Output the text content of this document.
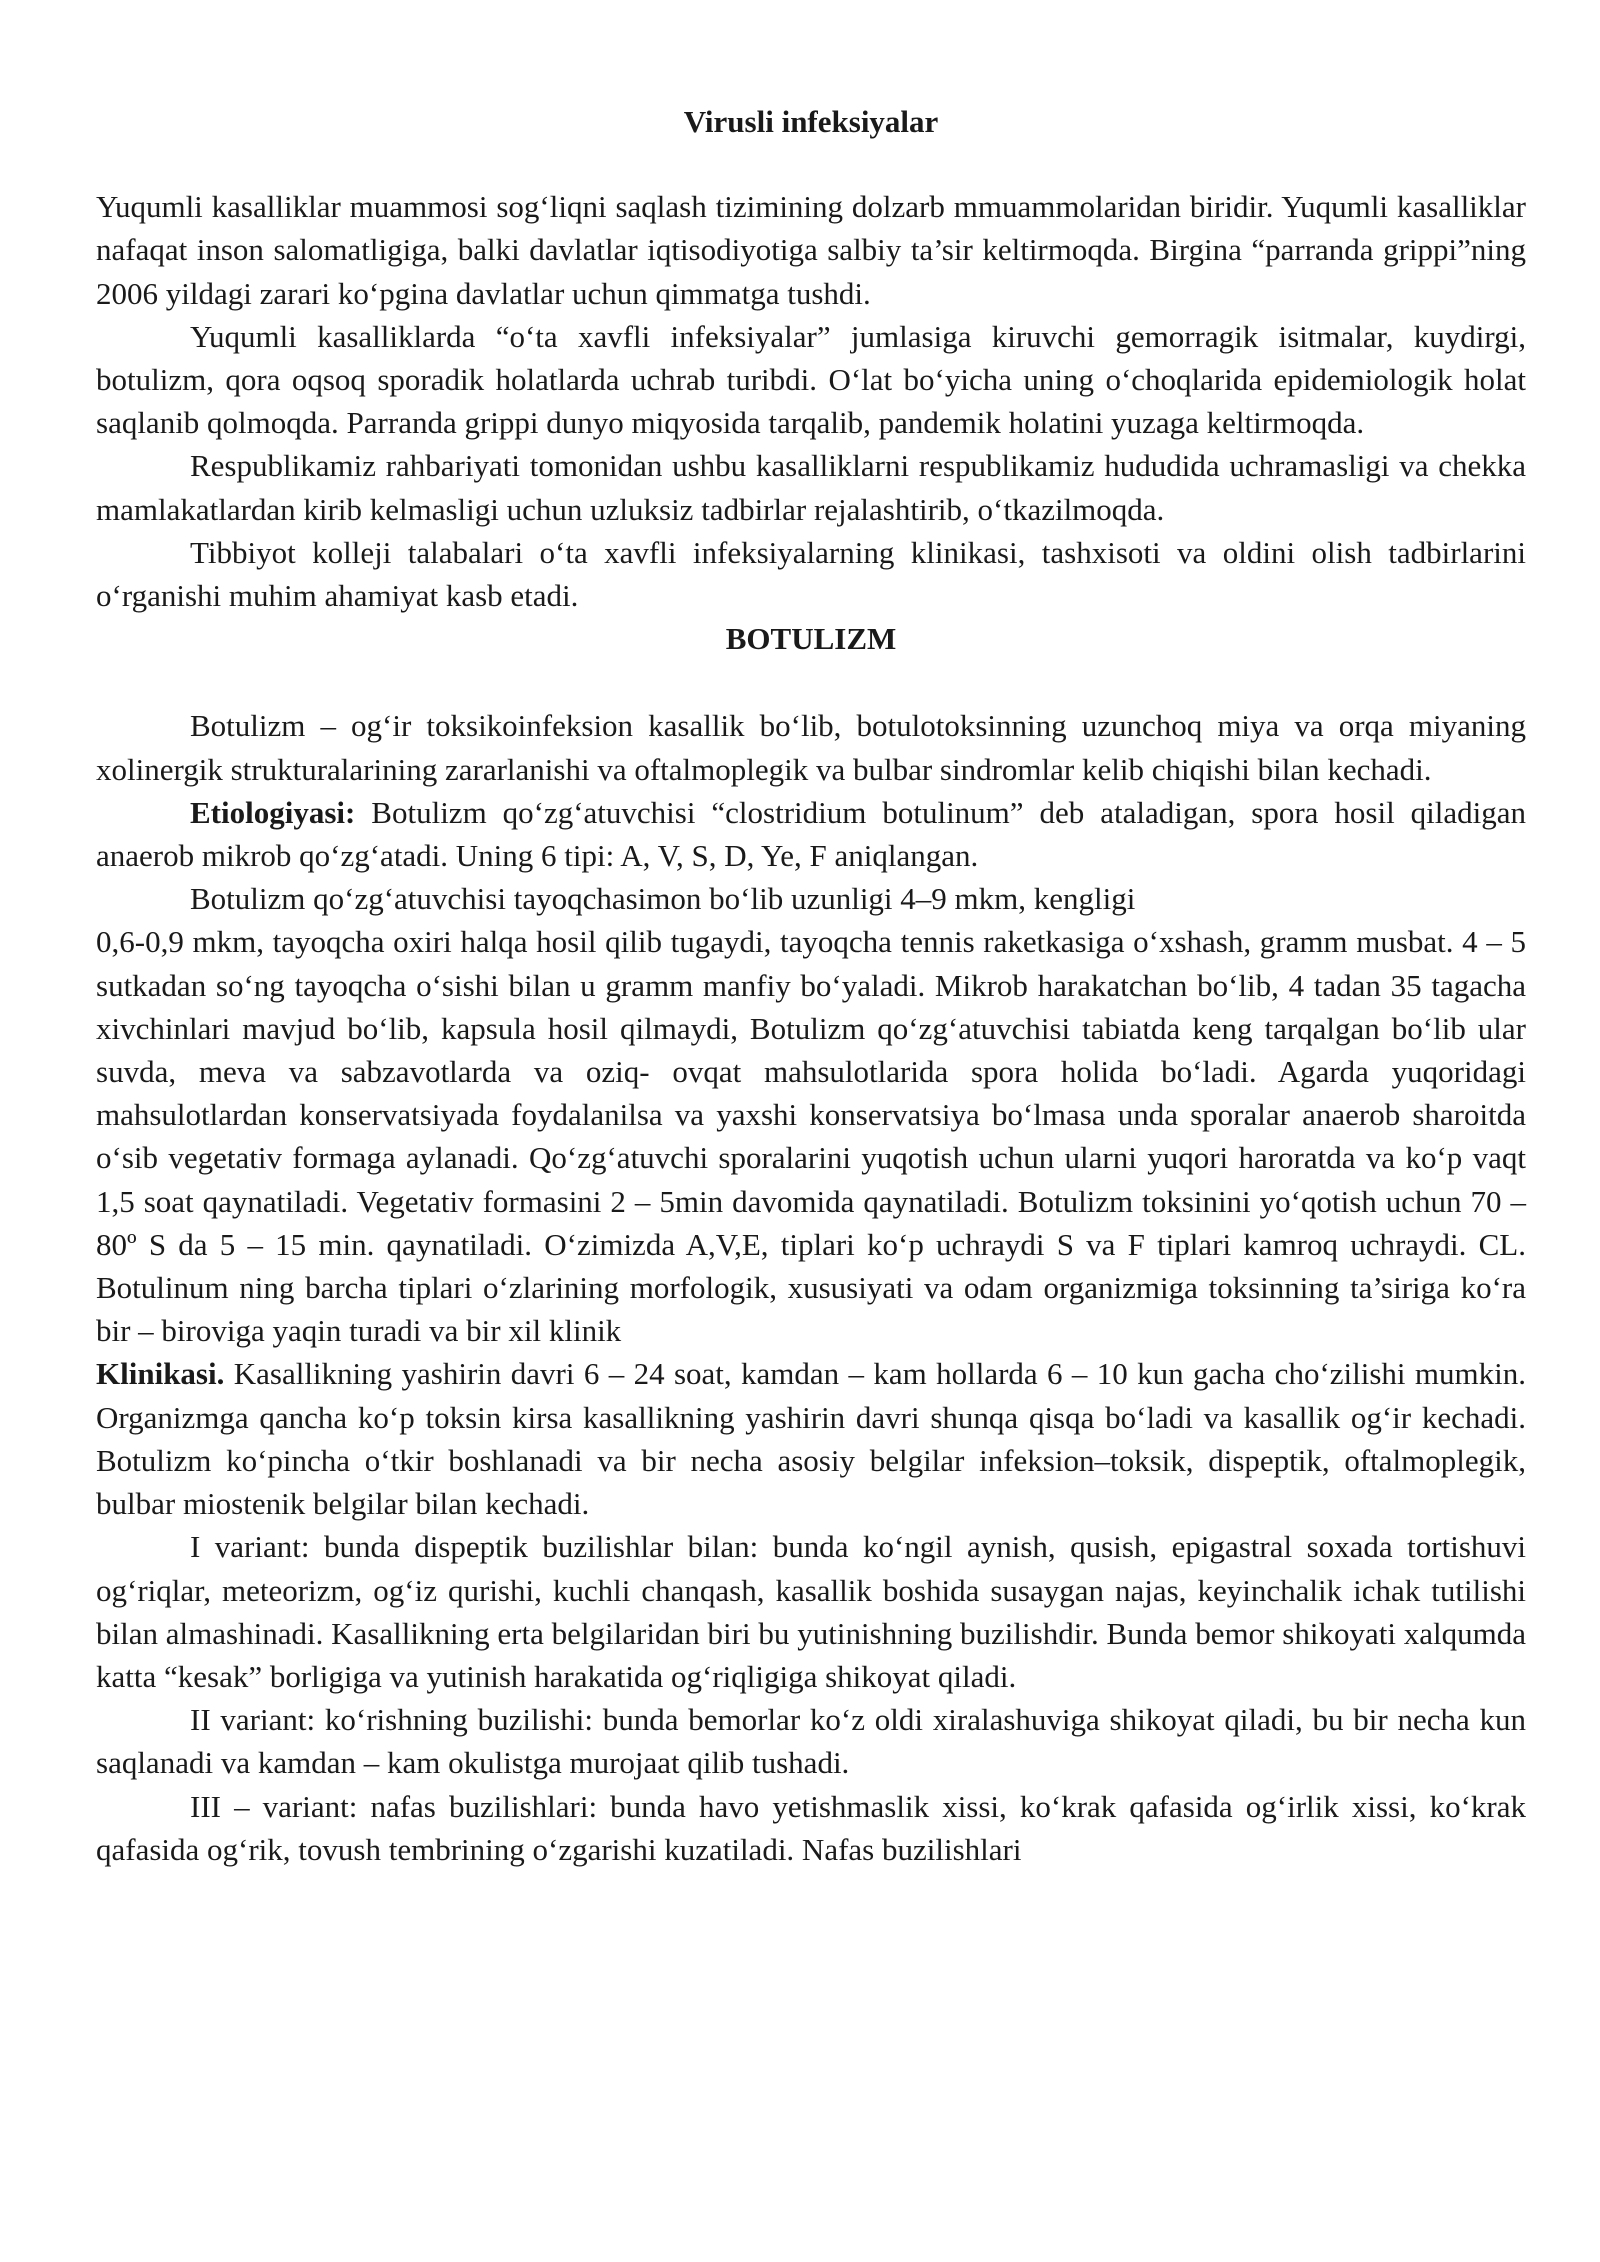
Virusli infeksiyalar

Yuqumli kasalliklar muammosi sog‘liqni saqlash tizimining dolzarb mmuammolaridan biridir. Yuqumli kasalliklar nafaqat inson salomatligiga, balki davlatlar iqtisodiyotiga salbiy ta’sir keltirmoqda. Birgina “parranda grippi”ning 2006 yildagi zarari ko‘pgina davlatlar uchun qimmatga tushdi.

Yuqumli kasalliklarda “o‘ta xavfli infeksiyalar” jumlasiga kiruvchi gemorragik isitmalar, kuydirgi, botulizm, qora oqsoq sporadik holatlarda uchrab turibdi. O‘lat bo‘yicha uning o‘choqlarida epidemiologik holat saqlanib qolmoqda. Parranda grippi dunyo miqyosida tarqalib, pandemik holatini yuzaga keltirmoqda.

Respublikamiz rahbariyati tomonidan ushbu kasalliklarni respublikamiz hududida uchramasligi va chekka mamlakatlardan kirib kelmasligi uchun uzluksiz tadbirlar rejalashtirib, o‘tkazilmoqda.

Tibbiyot kolleji talabalari o‘ta xavfli infeksiyalarning klinikasi, tashxisoti va oldini olish tadbirlarini o‘rganishi muhim ahamiyat kasb etadi.

BOTULIZM

Botulizm – og‘ir toksikoinfeksion kasallik bo‘lib, botulotoksinning uzunchoq miya va orqa miyaning xolinergik strukturalarining zararlanishi va oftalmoplegik va bulbar sindromlar kelib chiqishi bilan kechadi.

Etiologiyasi: Botulizm qo‘zg‘atuvchisi “clostridium botulinum” deb ataladigan, spora hosil qiladigan anaerob mikrob qo‘zg‘atadi. Uning 6 tipi: A, V, S, D, Ye, F aniqlangan.

Botulizm qo‘zg‘atuvchisi tayoqchasimon bo‘lib uzunligi 4–9 mkm, kengligi

0,6-0,9 mkm, tayoqcha oxiri halqa hosil qilib tugaydi, tayoqcha tennis raketkasiga o‘xshash, gramm musbat. 4 – 5 sutkadan so‘ng tayoqcha o‘sishi bilan u gramm manfiy bo‘yaladi. Mikrob harakatchan bo‘lib, 4 tadan 35 tagacha xivchinlari mavjud bo‘lib, kapsula hosil qilmaydi, Botulizm qo‘zg‘atuvchisi tabiatda keng tarqalgan bo‘lib ular suvda, meva va sabzavotlarda va oziq- ovqat mahsulotlarida spora holida bo‘ladi. Agarda yuqoridagi mahsulotlardan konservatsiyada foydalanilsa va yaxshi konservatsiya bo‘lmasa unda sporalar anaerob sharoitda o‘sib vegetativ formaga aylanadi. Qo‘zg‘atuvchi sporalarini yuqotish uchun ularni yuqori haroratda va ko‘p vaqt 1,5 soat qaynatiladi. Vegetativ formasini 2 – 5min davomida qaynatiladi. Botulizm toksinini yo‘qotish uchun 70 – 80º S da 5 – 15 min. qaynatiladi. O‘zimizda A,V,E, tiplari ko‘p uchraydi S va F tiplari kamroq uchraydi. CL. Botulinum ning barcha tiplari o‘zlarining morfologik, xususiyati va odam organizmiga toksinning ta’siriga ko‘ra bir – biroviga yaqin turadi va bir xil klinik

Klinikasi. Kasallikning yashirin davri 6 – 24 soat, kamdan – kam hollarda 6 – 10 kun gacha cho‘zilishi mumkin. Organizmga qancha ko‘p toksin kirsa kasallikning yashirin davri shunqa qisqa bo‘ladi va kasallik og‘ir kechadi. Botulizm ko‘pincha o‘tkir boshlanadi va bir necha asosiy belgilar infeksion–toksik, dispeptik, oftalmoplegik, bulbar miostenik belgilar bilan kechadi.

I variant: bunda dispeptik buzilishlar bilan: bunda ko‘ngil aynish, qusish, epigastral soxada tortishuvi og‘riqlar, meteorizm, og‘iz qurishi, kuchli chanqash, kasallik boshida susaygan najas, keyinchalik ichak tutilishi bilan almashinadi. Kasallikning erta belgilaridan biri bu yutinishning buzilishdir. Bunda bemor shikoyati xalqumda katta “kesak” borligiga va yutinish harakatida og‘riqligiga shikoyat qiladi.

II variant: ko‘rishning buzilishi: bunda bemorlar ko‘z oldi xiralashuviga shikoyat qiladi, bu bir necha kun saqlanadi va kamdan – kam okulistga murojaat qilib tushadi.

III – variant: nafas buzilishlari: bunda havo yetishmaslik xissi, ko‘krak qafasida og‘irlik xissi, ko‘krak qafasida og‘rik, tovush tembrining o‘zgarishi kuzatiladi. Nafas buzilishlari
